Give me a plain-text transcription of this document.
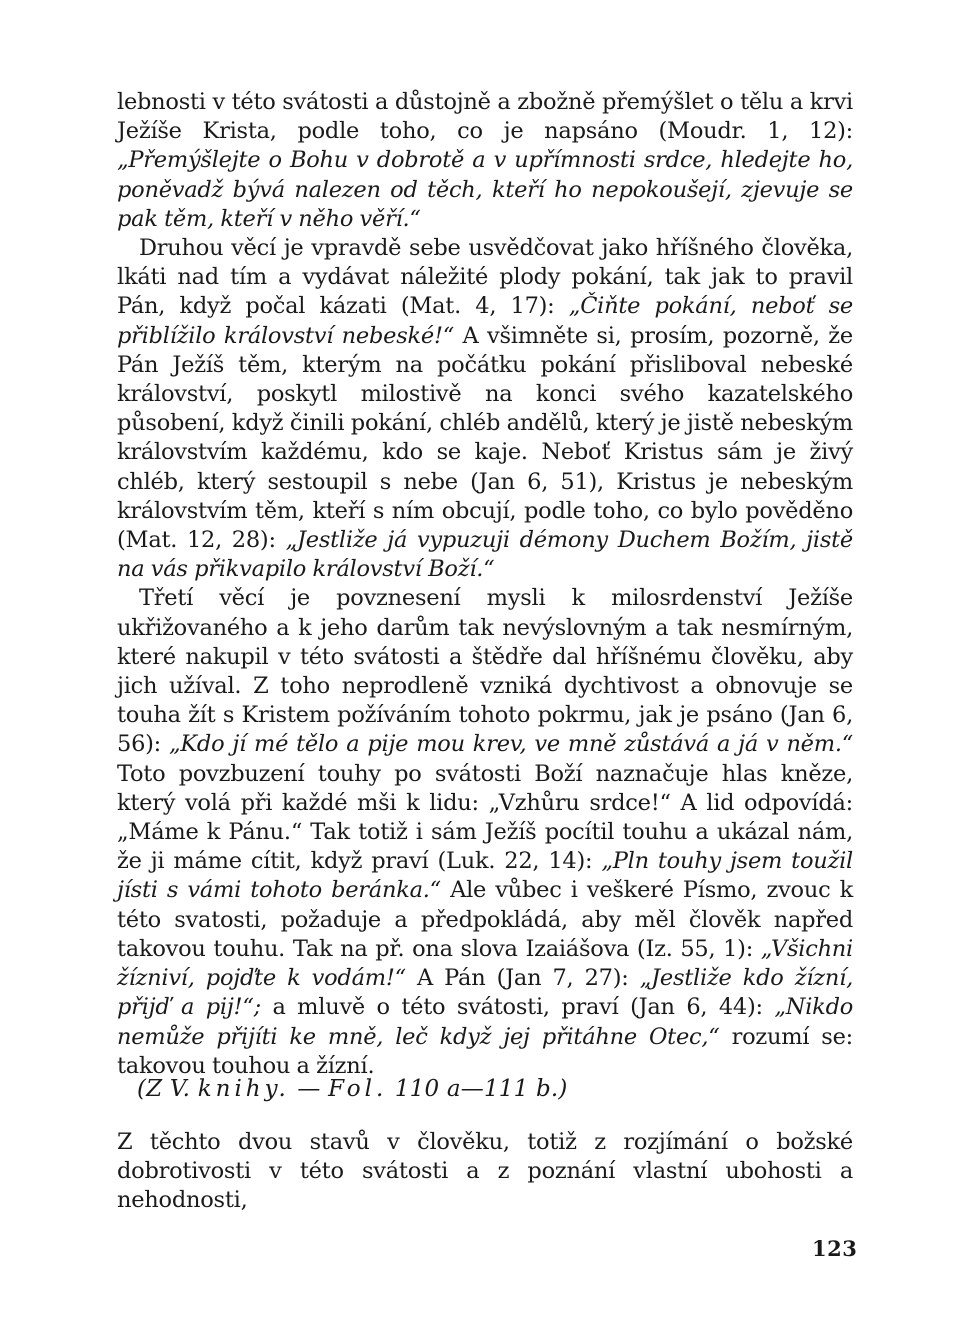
lebnosti v této svátosti a důstojně a zbožně přemýšlet o tělu a krvi Ježíše Krista, podle toho, co je napsáno (Moudr. 1, 12): „Přemýšlejte o Bohu v dobrotě a v upřímnosti srdce, hledejte ho, poněvadž bývá nalezen od těch, kteří ho nepokoušejí, zjevuje se pak těm, kteří v něho věří.“

Druhou věcí je vpravdě sebe usvědčovat jako hříšného člověka, lkáti nad tím a vydávat náležité plody pokání, tak jak to pravil Pán, když počal kázati (Mat. 4, 17): „Čiňte pokání, neboť se přiblížilo království nebeské!“ A všimněte si, prosím, pozorně, že Pán Ježíš těm, kterým na počátku pokání přisliboval nebeské království, poskytl milostivě na konci svého kazatelského působení, když činili pokání, chléb andělů, který je jistě nebeským královstvím každému, kdo se kaje. Neboť Kristus sám je živý chléb, který sestoupil s nebe (Jan 6, 51), Kristus je nebeským královstvím těm, kteří s ním obcují, podle toho, co bylo pověděno (Mat. 12, 28): „Jestliže já vypuzuji démony Duchem Božím, jistě na vás přikvapilo království Boží.“

Třetí věcí je povznesení mysli k milosrdenství Ježíše ukřižovaného a k jeho darům tak nevýslovným a tak nesmírným, které nakupil v této svátosti a štědře dal hříšnému člověku, aby jich užíval. Z toho neprodleně vzniká dychtivost a obnovuje se touha žít s Kristem požíváním tohoto pokrmu, jak je psáno (Jan 6, 56): „Kdo jí mé tělo a pije mou krev, ve mně zůstává a já v něm.“ Toto povzbuzení touhy po svátosti Boží naznačuje hlas kněze, který volá při každé mši k lidu: „Vzhůru srdce!“ A lid odpovídá: „Máme k Pánu.“ Tak totiž i sám Ježíš pocítil touhu a ukázal nám, že ji máme cítit, když praví (Luk. 22, 14): „Pln touhy jsem toužil jísti s vámi tohoto beránka.“ Ale vůbec i veškeré Písmo, zvouc k této svatosti, požaduje a předpokládá, aby měl člověk napřed takovou touhu. Tak na př. ona slova Izaiášova (Iz. 55, 1): „Všichni žízniví, pojďte k vodám!“ A Pán (Jan 7, 27): „Jestliže kdo žízní, přijď a pij!“; a mluvě o této svátosti, praví (Jan 6, 44): „Nikdo nemůže přijíti ke mně, leč když jej přitáhne Otec,“ rozumí se: takovou touhou a žízní.

(Z V. knihy. — Fol. 110 a—111 b.)

Z těchto dvou stavů v člověku, totiž z rozjímání o božské dobrotivosti v této svátosti a z poznání vlastní ubohosti a nehodnosti,

123
